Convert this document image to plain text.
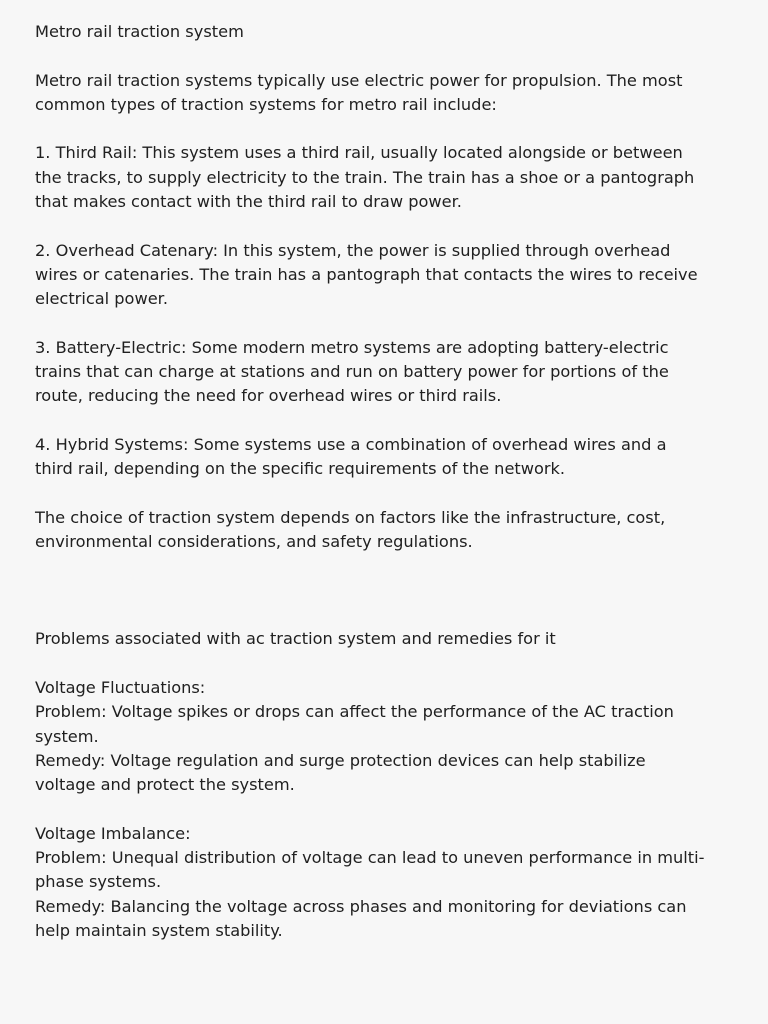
Metro rail traction system

Metro rail traction systems typically use electric power for propulsion. The most
common types of traction systems for metro rail include:

1. Third Rail: This system uses a third rail, usually located alongside or between
the tracks, to supply electricity to the train. The train has a shoe or a pantograph
that makes contact with the third rail to draw power.

2. Overhead Catenary: In this system, the power is supplied through overhead
wires or catenaries. The train has a pantograph that contacts the wires to receive
electrical power.

3. Battery-Electric: Some modern metro systems are adopting battery-electric
trains that can charge at stations and run on battery power for portions of the
route, reducing the need for overhead wires or third rails.

4. Hybrid Systems: Some systems use a combination of overhead wires and a
third rail, depending on the specific requirements of the network.

The choice of traction system depends on factors like the infrastructure, cost,
environmental considerations, and safety regulations.

Problems associated with ac traction system and remedies for it

Voltage Fluctuations:

Problem: Voltage spikes or drops can affect the performance of the AC traction
system.

Remedy: Voltage regulation and surge protection devices can help stabilize
voltage and protect the system.

Voltage Imbalance:

Problem: Unequal distribution of voltage can lead to uneven performance in multi-
phase systems.

Remedy: Balancing the voltage across phases and monitoring for deviations can
help maintain system stability.
